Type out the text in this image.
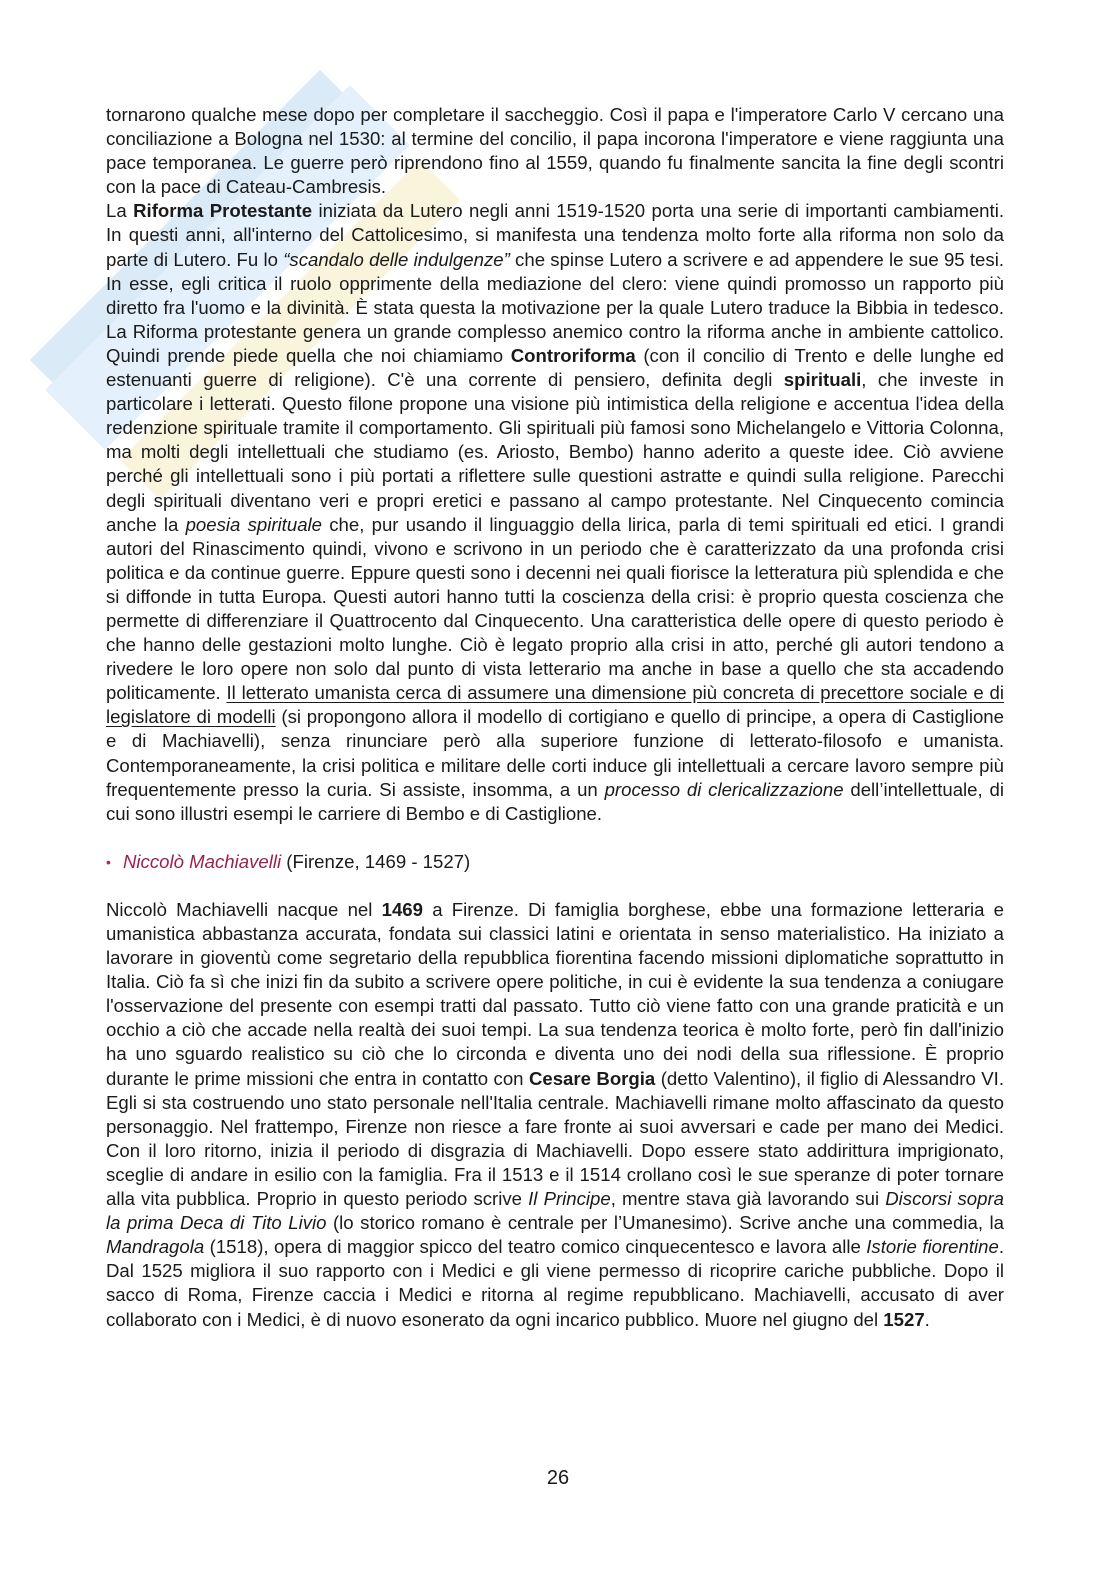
tornarono qualche mese dopo per completare il saccheggio. Così il papa e l'imperatore Carlo V cercano una conciliazione a Bologna nel 1530: al termine del concilio, il papa incorona l'imperatore e viene raggiunta una pace temporanea. Le guerre però riprendono fino al 1559, quando fu finalmente sancita la fine degli scontri con la pace di Cateau-Cambresis.

La Riforma Protestante iniziata da Lutero negli anni 1519-1520 porta una serie di importanti cambiamenti. In questi anni, all'interno del Cattolicesimo, si manifesta una tendenza molto forte alla riforma non solo da parte di Lutero. Fu lo “scandalo delle indulgenze” che spinse Lutero a scrivere e ad appendere le sue 95 tesi. In esse, egli critica il ruolo opprimente della mediazione del clero: viene quindi promosso un rapporto più diretto fra l'uomo e la divinità. È stata questa la motivazione per la quale Lutero traduce la Bibbia in tedesco. La Riforma protestante genera un grande complesso anemico contro la riforma anche in ambiente cattolico. Quindi prende piede quella che noi chiamiamo Controriforma (con il concilio di Trento e delle lunghe ed estenuanti guerre di religione). C'è una corrente di pensiero, definita degli spirituali, che investe in particolare i letterati. Questo filone propone una visione più intimistica della religione e accentua l'idea della redenzione spirituale tramite il comportamento. Gli spirituali più famosi sono Michelangelo e Vittoria Colonna, ma molti degli intellettuali che studiamo (es. Ariosto, Bembo) hanno aderito a queste idee. Ciò avviene perché gli intellettuali sono i più portati a riflettere sulle questioni astratte e quindi sulla religione. Parecchi degli spirituali diventano veri e propri eretici e passano al campo protestante. Nel Cinquecento comincia anche la poesia spirituale che, pur usando il linguaggio della lirica, parla di temi spirituali ed etici. I grandi autori del Rinascimento quindi, vivono e scrivono in un periodo che è caratterizzato da una profonda crisi politica e da continue guerre. Eppure questi sono i decenni nei quali fiorisce la letteratura più splendida e che si diffonde in tutta Europa. Questi autori hanno tutti la coscienza della crisi: è proprio questa coscienza che permette di differenziare il Quattrocento dal Cinquecento. Una caratteristica delle opere di questo periodo è che hanno delle gestazioni molto lunghe. Ciò è legato proprio alla crisi in atto, perché gli autori tendono a rivedere le loro opere non solo dal punto di vista letterario ma anche in base a quello che sta accadendo politicamente. Il letterato umanista cerca di assumere una dimensione più concreta di precettore sociale e di legislatore di modelli (si propongono allora il modello di cortigiano e quello di principe, a opera di Castiglione e di Machiavelli), senza rinunciare però alla superiore funzione di letterato-filosofo e umanista. Contemporaneamente, la crisi politica e militare delle corti induce gli intellettuali a cercare lavoro sempre più frequentemente presso la curia. Si assiste, insomma, a un processo di clericalizzazione dell’intellettuale, di cui sono illustri esempi le carriere di Bembo e di Castiglione.

• Niccolò Machiavelli (Firenze, 1469 - 1527)

Niccolò Machiavelli nacque nel 1469 a Firenze. Di famiglia borghese, ebbe una formazione letteraria e umanistica abbastanza accurata, fondata sui classici latini e orientata in senso materialistico. Ha iniziato a lavorare in gioventù come segretario della repubblica fiorentina facendo missioni diplomatiche soprattutto in Italia. Ciò fa sì che inizi fin da subito a scrivere opere politiche, in cui è evidente la sua tendenza a coniugare l'osservazione del presente con esempi tratti dal passato. Tutto ciò viene fatto con una grande praticità e un occhio a ciò che accade nella realtà dei suoi tempi. La sua tendenza teorica è molto forte, però fin dall'inizio ha uno sguardo realistico su ciò che lo circonda e diventa uno dei nodi della sua riflessione. È proprio durante le prime missioni che entra in contatto con Cesare Borgia (detto Valentino), il figlio di Alessandro VI. Egli si sta costruendo uno stato personale nell'Italia centrale. Machiavelli rimane molto affascinato da questo personaggio. Nel frattempo, Firenze non riesce a fare fronte ai suoi avversari e cade per mano dei Medici. Con il loro ritorno, inizia il periodo di disgrazia di Machiavelli. Dopo essere stato addirittura imprigionato, sceglie di andare in esilio con la famiglia. Fra il 1513 e il 1514 crollano così le sue speranze di poter tornare alla vita pubblica. Proprio in questo periodo scrive Il Principe, mentre stava già lavorando sui Discorsi sopra la prima Deca di Tito Livio (lo storico romano è centrale per l’Umanesimo). Scrive anche una commedia, la Mandragola (1518), opera di maggior spicco del teatro comico cinquecentesco e lavora alle Istorie fiorentine. Dal 1525 migliora il suo rapporto con i Medici e gli viene permesso di ricoprire cariche pubbliche. Dopo il sacco di Roma, Firenze caccia i Medici e ritorna al regime repubblicano. Machiavelli, accusato di aver collaborato con i Medici, è di nuovo esonerato da ogni incarico pubblico. Muore nel giugno del 1527.

26
